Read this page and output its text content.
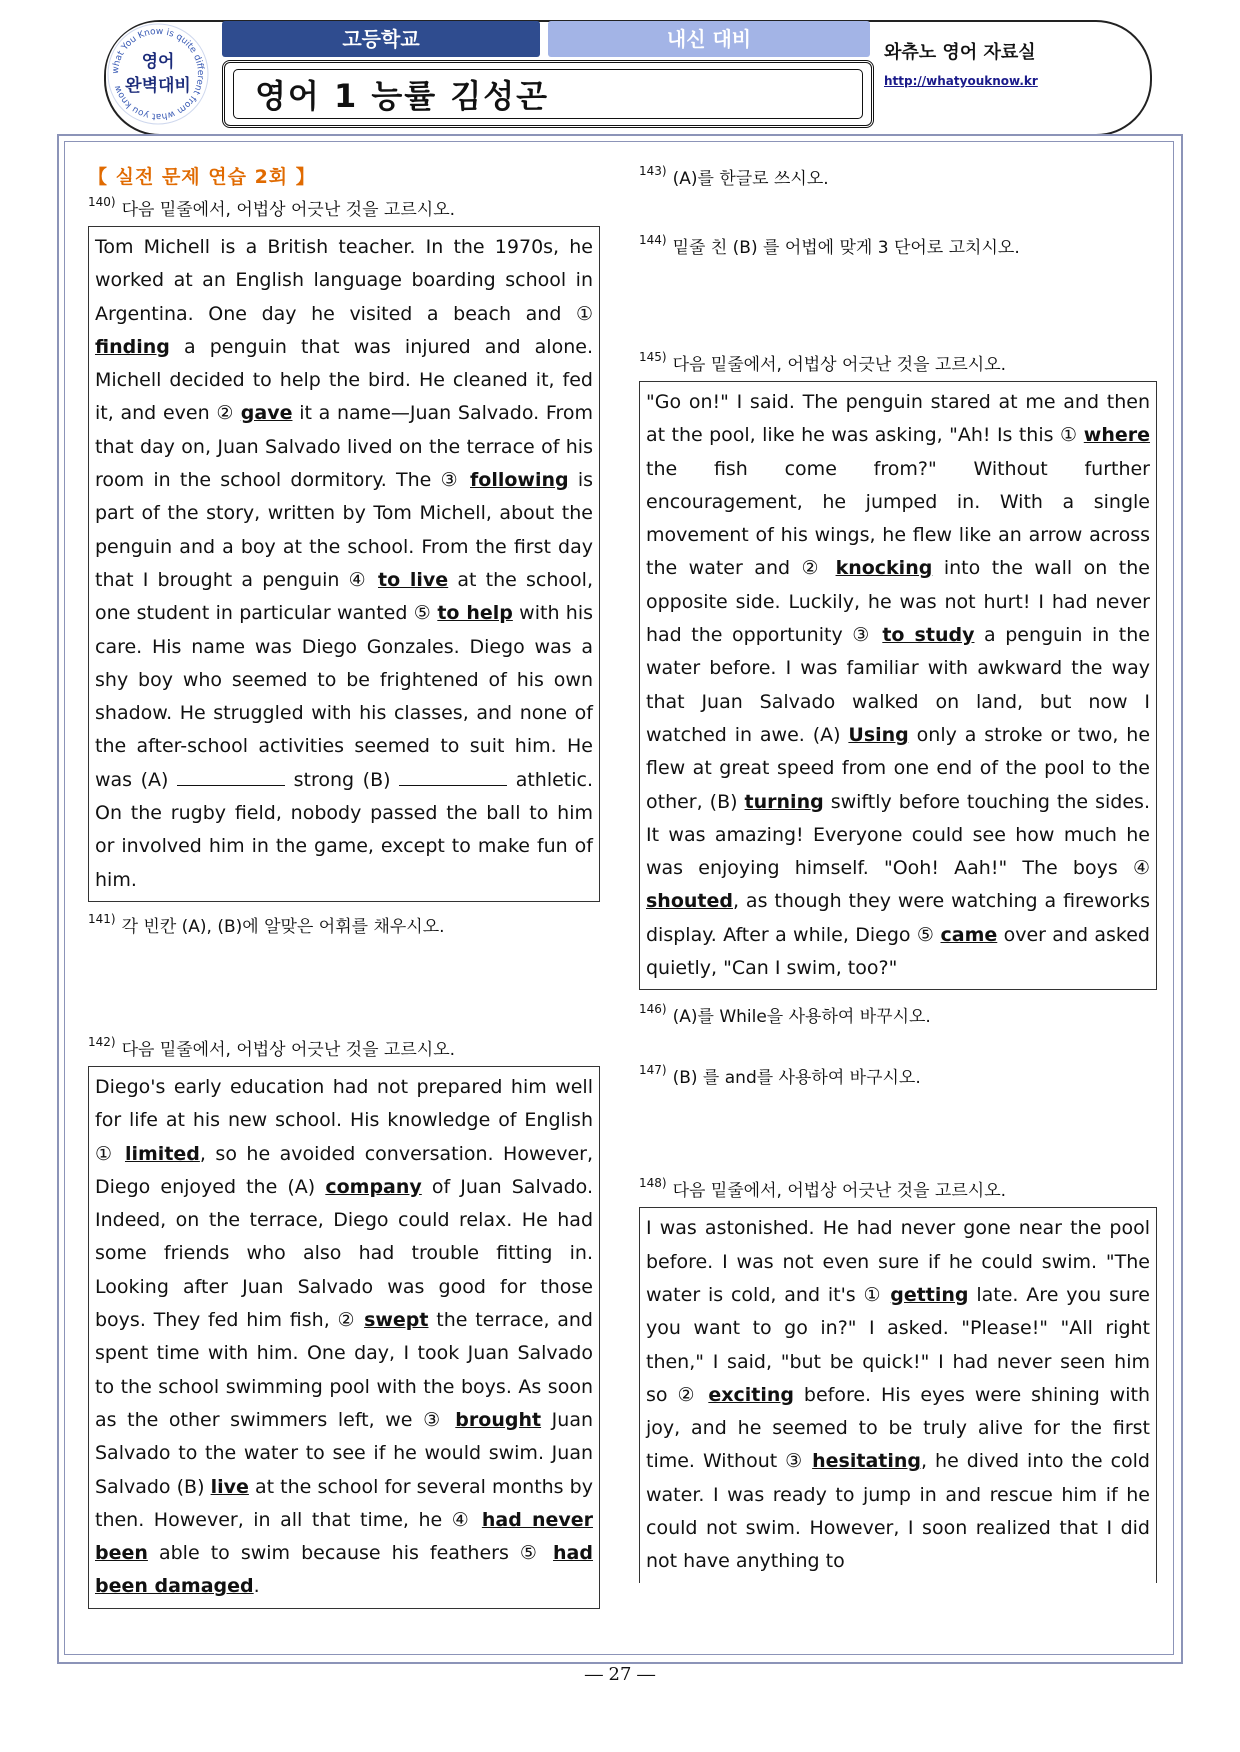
what You Know is quite different from what you know
영어
완벽대비
고등학교	내신 대비
영어 1 능률 김성곤
와츄노 영어 자료실
http://whatyouknow.kr
【 실전 문제 연습 2회 】
$^{140)}$ 다음 밑줄에서, 어법상 어긋난 것을 고르시오.
Tom Michell is a British teacher. In the 1970s, he worked at an English language boarding school in Argentina. One day he visited a beach and ① finding a penguin that was injured and alone. Michell decided to help the bird. He cleaned it, fed it, and even ② gave it a name—Juan Salvado. From that day on, Juan Salvado lived on the terrace of his room in the school dormitory. The ③ following is part of the story, written by Tom Michell, about the penguin and a boy at the school. From the first day that I brought a penguin ④ to live at the school, one student in particular wanted ⑤ to help with his care. His name was Diego Gonzales. Diego was a shy boy who seemed to be frightened of his own shadow. He struggled with his classes, and none of the after-school activities seemed to suit him. He was (A)	strong (B)	athletic. On the rugby field, nobody passed the ball to him or involved him in the game, except to make fun of him.
$^{141)}$ 각 빈칸 (A), (B)에 알맞은 어휘를 채우시오.
$^{142)}$ 다음 밑줄에서, 어법상 어긋난 것을 고르시오.
Diego's early education had not prepared him well for life at his new school. His knowledge of English ① limited, so he avoided conversation. However, Diego enjoyed the (A) company of Juan Salvado. Indeed, on the terrace, Diego could relax. He had some friends who also had trouble fitting in. Looking after Juan Salvado was good for those boys. They fed him fish, ② swept the terrace, and spent time with him. One day, I took Juan Salvado to the school swimming pool with the boys. As soon as the other swimmers left, we ③ brought Juan Salvado to the water to see if he would swim. Juan Salvado (B) live at the school for several months by then. However, in all that time, he ④ had never been able to swim because his feathers ⑤ had been damaged.
$^{143)}$ (A)를 한글로 쓰시오.
$^{144)}$ 밑줄 친 (B) 를 어법에 맞게 3 단어로 고치시오.
$^{145)}$ 다음 밑줄에서, 어법상 어긋난 것을 고르시오.
"Go on!" I said. The penguin stared at me and then at the pool, like he was asking, "Ah! Is this ① where the fish come from?" Without further encouragement, he jumped in. With a single movement of his wings, he flew like an arrow across the water and ② knocking into the wall on the opposite side. Luckily, he was not hurt! I had never had the opportunity ③ to study a penguin in the water before. I was familiar with awkward the way that Juan Salvado walked on land, but now I watched in awe. (A) Using only a stroke or two, he flew at great speed from one end of the pool to the other, (B) turning swiftly before touching the sides. It was amazing! Everyone could see how much he was enjoying himself. "Ooh! Aah!" The boys ④ shouted, as though they were watching a fireworks display. After a while, Diego ⑤ came over and asked quietly, "Can I swim, too?"
$^{146)}$ (A)를 While을 사용하여 바꾸시오.
$^{147)}$ (B) 를 and를 사용하여 바구시오.
$^{148)}$ 다음 밑줄에서, 어법상 어긋난 것을 고르시오.
I was astonished. He had never gone near the pool before. I was not even sure if he could swim. "The water is cold, and it's ① getting late. Are you sure you want to go in?" I asked. "Please!" "All right then," I said, "but be quick!" I had never seen him so ② exciting before. His eyes were shining with joy, and he seemed to be truly alive for the first time. Without ③ hesitating, he dived into the cold water. I was ready to jump in and rescue him if he could not swim. However, I soon realized that I did not have anything to
― 27 ―
